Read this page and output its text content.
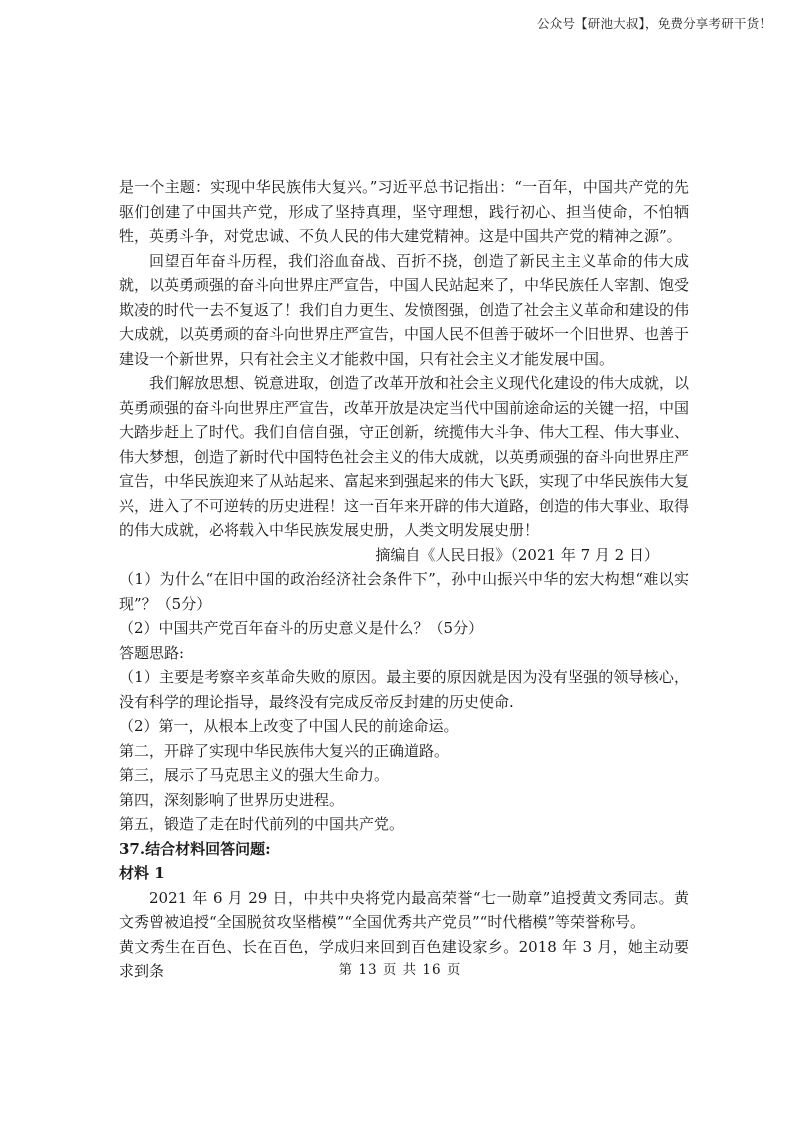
公众号【研池大叔】，免费分享考研干货！

是一个主题：实现中华民族伟大复兴。”习近平总书记指出：“一百年，中国共产党的先驱们创建了中国共产党，形成了坚持真理，坚守理想，践行初心、担当使命，不怕牺牲，英勇斗争，对党忠诚、不负人民的伟大建党精神。这是中国共产党的精神之源”。

回望百年奋斗历程，我们浴血奋战、百折不挠，创造了新民主主义革命的伟大成就，以英勇顽强的奋斗向世界庄严宣告，中国人民站起来了，中华民族任人宰割、饱受欺凌的时代一去不复返了！我们自力更生、发愤图强，创造了社会主义革命和建设的伟大成就，以英勇顽的奋斗向世界庄严宣告，中国人民不但善于破坏一个旧世界、也善于建设一个新世界，只有社会主义才能救中国，只有社会主义才能发展中国。

我们解放思想、锐意进取，创造了改革开放和社会主义现代化建设的伟大成就，以英勇顽强的奋斗向世界庄严宣告，改革开放是决定当代中国前途命运的关键一招，中国大踏步赶上了时代。我们自信自强，守正创新，统揽伟大斗争、伟大工程、伟大事业、伟大梦想，创造了新时代中国特色社会主义的伟大成就，以英勇顽强的奋斗向世界庄严宣告，中华民族迎来了从站起来、富起来到强起来的伟大飞跃，实现了中华民族伟大复兴，进入了不可逆转的历史进程！这一百年来开辟的伟大道路，创造的伟大事业、取得的伟大成就，必将载入中华民族发展史册，人类文明发展史册！

摘编自《人民日报》（2021 年 7 月 2 日）

（1）为什么“在旧中国的政治经济社会条件下”，孙中山振兴中华的宏大构想“难以实现”？（5分）

（2）中国共产党百年奋斗的历史意义是什么？（5分）

答题思路:

（1）主要是考察辛亥革命失败的原因。最主要的原因就是因为没有坚强的领导核心，没有科学的理论指导，最终没有完成反帝反封建的历史使命.

（2）第一，从根本上改变了中国人民的前途命运。

第二，开辟了实现中华民族伟大复兴的正确道路。

第三，展示了马克思主义的强大生命力。

第四，深刻影响了世界历史进程。

第五，锻造了走在时代前列的中国共产党。

37.结合材料回答问题:

材料 1

2021 年 6 月 29 日，中共中央将党内最高荣誉“七一勋章”追授黄文秀同志。黄文秀曾被追授“全国脱贫攻坚楷模”“全国优秀共产党员”“时代楷模”等荣誉称号。

黄文秀生在百色、长在百色，学成归来回到百色建设家乡。2018 年 3 月，她主动要求到条	第 13 页 共 16 页
